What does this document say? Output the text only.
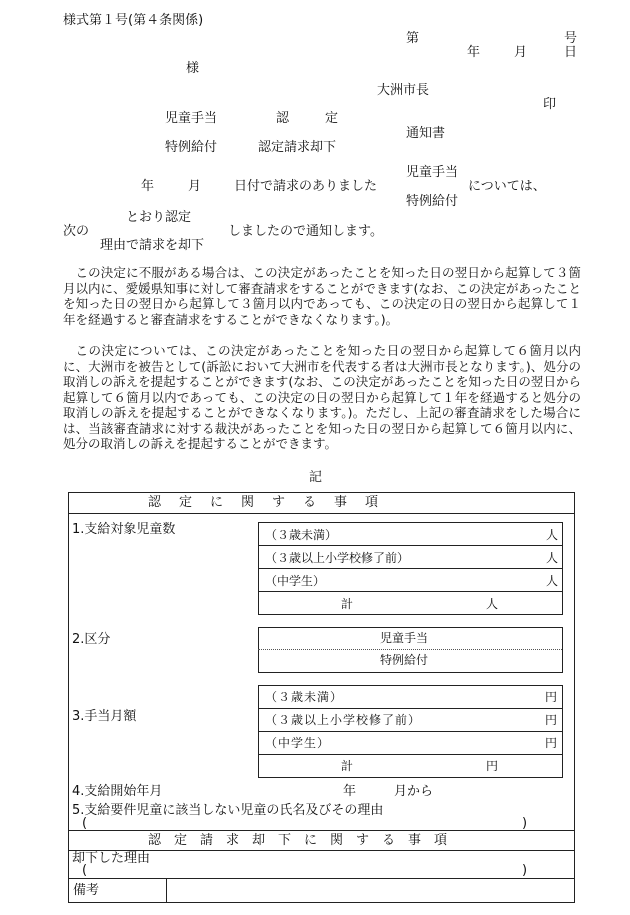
様式第１号(第４条関係)
第	号
年	月	日
様
大洲市長
印
児童手当	認	定
通知書
特例給付	認定請求却下
児童手当
年	月	日付で請求のありました	については、
特例給付
とおり認定
次の	しましたので通知します。
理由で請求を却下
この決定に不服がある場合は、この決定があったことを知った日の翌日から起算して３箇月以内に、愛媛県知事に対して審査請求をすることができます(なお、この決定があったことを知った日の翌日から起算して３箇月以内であっても、この決定の日の翌日から起算して１年を経過すると審査請求をすることができなくなります。)。
この決定については、この決定があったことを知った日の翌日から起算して６箇月以内に、大洲市を被告として(訴訟において大洲市を代表する者は大洲市長となります。)、処分の取消しの訴えを提起することができます(なお、この決定があったことを知った日の翌日から起算して６箇月以内であっても、この決定の日の翌日から起算して１年を経過すると処分の取消しの訴えを提起することができなくなります。)。ただし、上記の審査請求をした場合には、当該審査請求に対する裁決があったことを知った日の翌日から起算して６箇月以内に、処分の取消しの訴えを提起することができます。
記
認定に関する事項
1.支給対象児童数	（３歳未満）	人
（３歳以上小学校修了前）	人
（中学生）	人
計	人
2.区分	児童手当
特例給付
3.手当月額
（３歳未満）	円
（３歳以上小学校修了前）	円
（中学生）	円
計	円
4.支給開始年月	年	月から
5.支給要件児童に該当しない児童の氏名及びその理由
(	)
認定請求却下に関する事項
却下した理由
(	)
備考
